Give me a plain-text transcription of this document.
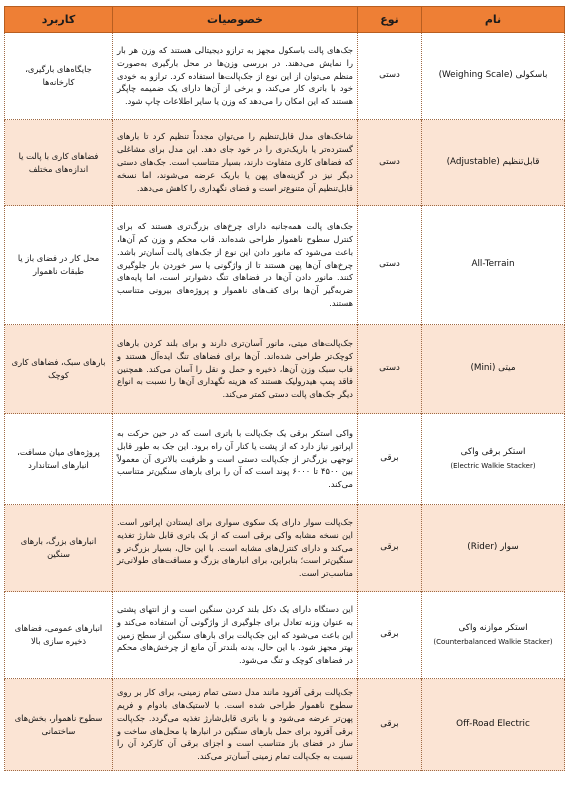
نام	نوع	خصوصیات	کاربرد
باسکولی (Weighing Scale)	دستی	جک‌های پالت باسکول مجهز به ترازو دیجیتالی هستند که وزن هر بار را نمایش می‌دهند. در بررسی وزن‌ها در محل بارگیری به‌صورت منظم می‌توان از این نوع از جک‌پالت‌ها استفاده کرد. ترازو به خودی خود با باتری کار می‌کند، و برخی از آن‌ها دارای یک ضمیمه چاپگر هستند که این امکان را می‌دهد که وزن یا سایر اطلاعات چاپ شود.	جایگاه‌های بارگیری، کارخانه‌ها
قابل‌تنظیم (Adjustable)	دستی	شاخک‌های مدل قابل‌تنظیم را می‌توان مجدداً تنظیم کرد تا بارهای گسترده‌تر یا باریک‌تری را در خود جای دهد. این مدل برای مشاغلی که فضاهای کاری متفاوت دارند، بسیار متناسب است. جک‌های دستی دیگر نیز در گزینه‌های پهن یا باریک عرضه می‌شوند، اما نسخه قابل‌تنظیم آن متنوع‌تر است و فضای نگهداری را کاهش می‌دهد.	فضاهای کاری با پالت یا اندازه‌های مختلف
All-Terrain	دستی	جک‌های پالت همه‌جانبه دارای چرخ‌های بزرگ‌تری هستند که برای کنترل سطوح ناهموار طراحی شده‌اند. قاب محکم و وزن کم آن‌ها، باعث می‌شود که مانور دادن این نوع از جک‌های پالت آسان‌تر باشد. چرخ‌های آن‌ها پهن هستند تا از واژگونی یا سر خوردن بار جلوگیری کنند. مانور دادن آن‌ها در فضاهای تنگ دشوارتر است، اما پایه‌های ضربه‌گیر آن‌ها برای کف‌های ناهموار و پروژه‌های بیرونی متناسب هستند.	محل کار در فضای باز یا طبقات ناهموار
میتی (Mini)	دستی	جک‌پالت‌های میتی، مانور آسان‌تری دارند و برای بلند کردن بارهای کوچک‌تر طراحی شده‌اند. آن‌ها برای فضاهای تنگ ایده‌آل هستند و قاب سبک وزن آن‌ها، ذخیره و حمل و نقل را آسان می‌کند. همچنین فاقد پمپ هیدرولیک هستند که هزینه نگهداری آن‌ها را نسبت به انواع دیگر جک‌های پالت دستی کمتر می‌کند.	بارهای سبک، فضاهای کاری کوچک
استکر برقی واکی
(Electric Walkie Stacker)	برقی	واکی استکر برقی یک جک‌پالت با باتری است که در حین حرکت به اپراتور نیاز دارد که از پشت یا کنار آن راه برود. این جک به طور قابل توجهی بزرگ‌تر از جک‌پالت دستی است و ظرفیت بالاتری آن معمولاً بین ۴۵۰۰ تا ۶۰۰۰ پوند است که آن را برای بارهای سنگین‌تر متناسب می‌کند.	پروژه‌های میان مسافت، انبارهای استاندارد
سوار (Rider)	برقی	جک‌پالت سوار دارای یک سکوی سواری برای ایستادن اپراتور است. این نسخه مشابه واکی برقی است که از یک باتری قابل شارژ تغذیه می‌کند و دارای کنترل‌های مشابه است. با این حال، بسیار بزرگ‌تر و سنگین‌تر است؛ بنابراین، برای انبارهای بزرگ و مسافت‌های طولانی‌تر مناسب‌تر است.	انبارهای بزرگ، بارهای سنگین
استکر موازنه واکی
(Counterbalanced Walkie Stacker)	برقی	این دستگاه دارای یک دکل بلند کردن سنگین است و از انتهای پشتی به عنوان وزنه تعادل برای جلوگیری از واژگونی آن استفاده می‌کند و این باعث می‌شود که این جک‌پالت برای بارهای سنگین از سطح زمین بهتر مجهز شود. با این حال، بدنه بلندتر آن مانع از چرخش‌های محکم در فضاهای کوچک و تنگ می‌شود.	انبارهای عمومی، فضاهای ذخیره سازی بالا
Off-Road Electric	برقی	جک‌پالت برقی آفرود مانند مدل دستی تمام زمینی، برای کار بر روی سطوح ناهموار طراحی شده است. با لاستیک‌های بادوام و فریم پهن‌تر عرضه می‌شود و با باتری قابل‌شارژ تغذیه می‌گردد. جک‌پالت برقی آفرود برای حمل بارهای سنگین در انبارها یا محل‌های ساخت و ساز در فضای باز متناسب است و اجزای برقی آن کارکرد آن را نسبت به جک‌پالت تمام زمینی آسان‌تر می‌کند.	سطوح ناهموار، بخش‌های ساختمانی
